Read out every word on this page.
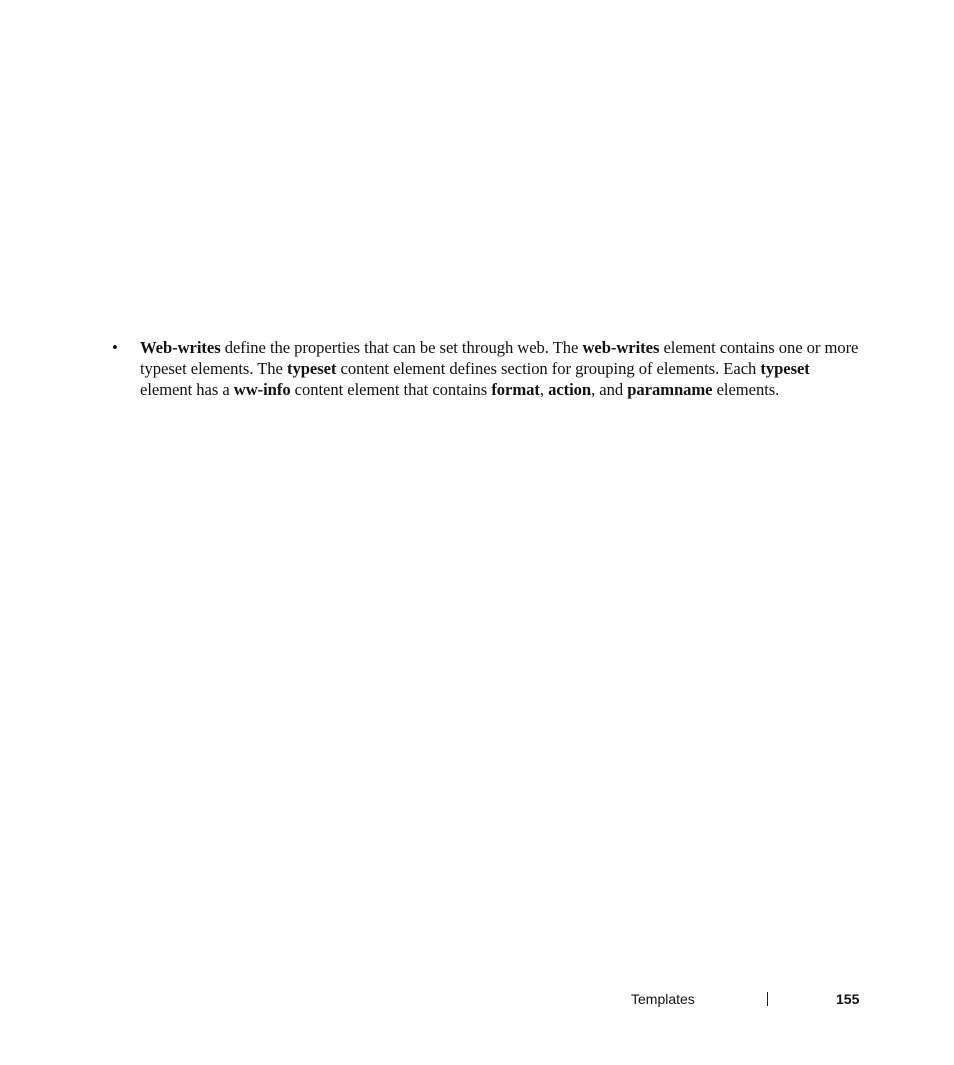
• Web-writes define the properties that can be set through web. The web-writes element contains one or more typeset elements. The typeset content element defines section for grouping of elements. Each typeset element has a ww-info content element that contains format, action, and paramname elements.
Templates	155
